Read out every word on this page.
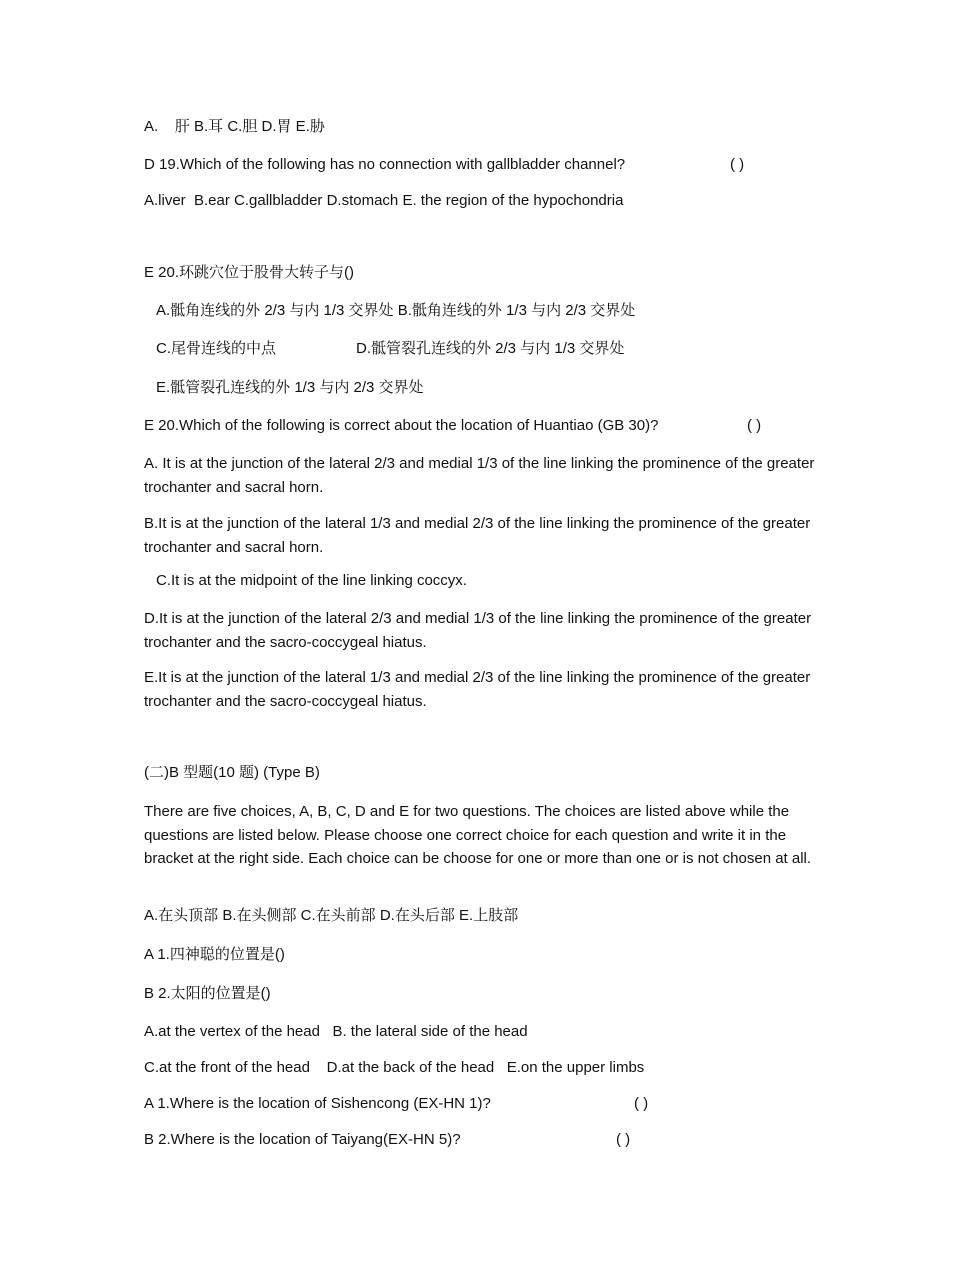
A.    肝 B.耳 C.胆 D.胃 E.胁
D 19.Which of the following has no connection with gallbladder channel?	( )
A.liver  B.ear C.gallbladder D.stomach E. the region of the hypochondria
E 20.环跳穴位于股骨大转子与()
A.骶角连线的外 2/3 与内 1/3 交界处 B.骶角连线的外 1/3 与内 2/3 交界处
C.尾骨连线的中点	D.骶管裂孔连线的外 2/3 与内 1/3 交界处
E.骶管裂孔连线的外 1/3 与内 2/3 交界处
E 20.Which of the following is correct about the location of Huantiao (GB 30)?	( )
A. It is at the junction of the lateral 2/3 and medial 1/3 of the line linking the prominence of the greater trochanter and sacral horn.
B.It is at the junction of the lateral 1/3 and medial 2/3 of the line linking the prominence of the greater trochanter and sacral horn.
C.It is at the midpoint of the line linking coccyx.
D.It is at the junction of the lateral 2/3 and medial 1/3 of the line linking the prominence of the greater trochanter and the sacro-coccygeal hiatus.
E.It is at the junction of the lateral 1/3 and medial 2/3 of the line linking the prominence of the greater trochanter and the sacro-coccygeal hiatus.
(二)B 型题(10 题) (Type B)
There are five choices, A, B, C, D and E for two questions. The choices are listed above while the questions are listed below. Please choose one correct choice for each question and write it in the bracket at the right side. Each choice can be choose for one or more than one or is not chosen at all.
A.在头顶部 B.在头侧部 C.在头前部 D.在头后部 E.上肢部
A 1.四神聪的位置是()
B 2.太阳的位置是()
A.at the vertex of the head   B. the lateral side of the head
C.at the front of the head    D.at the back of the head   E.on the upper limbs
A 1.Where is the location of Sishencong (EX-HN 1)?	( )
B 2.Where is the location of Taiyang(EX-HN 5)?	( )
